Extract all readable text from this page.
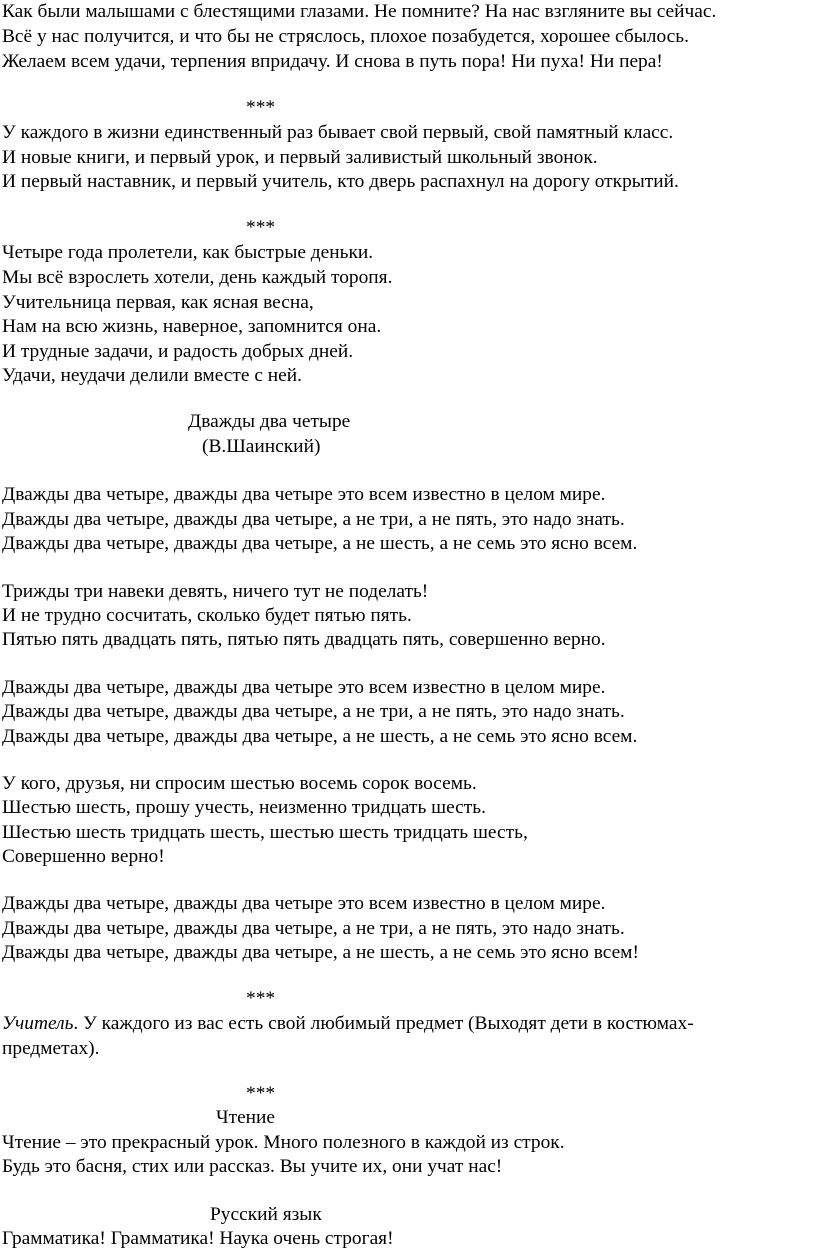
Как были малышами с блестящими глазами. Не помните? На нас взгляните вы сейчас.
Всё у нас получится, и что бы не стряслось, плохое позабудется, хорошее сбылось.
Желаем всем удачи, терпения впридачу. И снова в путь пора! Ни пуха! Ни пера!
***
У каждого в жизни единственный раз бывает свой первый, свой памятный класс.
И новые книги, и первый урок, и первый заливистый школьный звонок.
И первый наставник, и первый учитель, кто дверь распахнул на дорогу открытий.
***
Четыре года пролетели, как быстрые деньки.
Мы всё взрослеть хотели, день каждый торопя.
Учительница первая, как ясная весна,
Нам на всю жизнь, наверное, запомнится она.
И трудные задачи, и радость добрых дней.
Удачи, неудачи делили вместе с ней.
Дважды два четыре
(В.Шаинский)
Дважды два четыре, дважды два четыре это всем известно в целом мире.
Дважды два четыре, дважды два четыре, а не три, а не пять, это надо знать.
Дважды два четыре, дважды два четыре, а не шесть, а не семь это ясно всем.
Трижды три навеки девять, ничего тут не поделать!
И не трудно сосчитать, сколько будет пятью пять.
Пятью пять двадцать пять, пятью пять двадцать пять, совершенно верно.
Дважды два четыре, дважды два четыре это всем известно в целом мире.
Дважды два четыре, дважды два четыре, а не три, а не пять, это надо знать.
Дважды два четыре, дважды два четыре, а не шесть, а не семь это ясно всем.
У кого, друзья, ни спросим шестью восемь сорок восемь.
Шестью шесть, прошу учесть, неизменно тридцать шесть.
Шестью шесть тридцать шесть, шестью шесть тридцать шесть,
Совершенно верно!
Дважды два четыре, дважды два четыре это всем известно в целом мире.
Дважды два четыре, дважды два четыре, а не три, а не пять, это надо знать.
Дважды два четыре, дважды два четыре, а не шесть, а не семь это ясно всем!
***
Учитель. У каждого из вас есть свой любимый предмет (Выходят дети в костюмах-
предметах).
***
Чтение
Чтение – это прекрасный урок. Много полезного в каждой из строк.
Будь это басня, стих или рассказ. Вы учите их, они учат нас!
Русский язык
Грамматика! Грамматика! Наука очень строгая!
